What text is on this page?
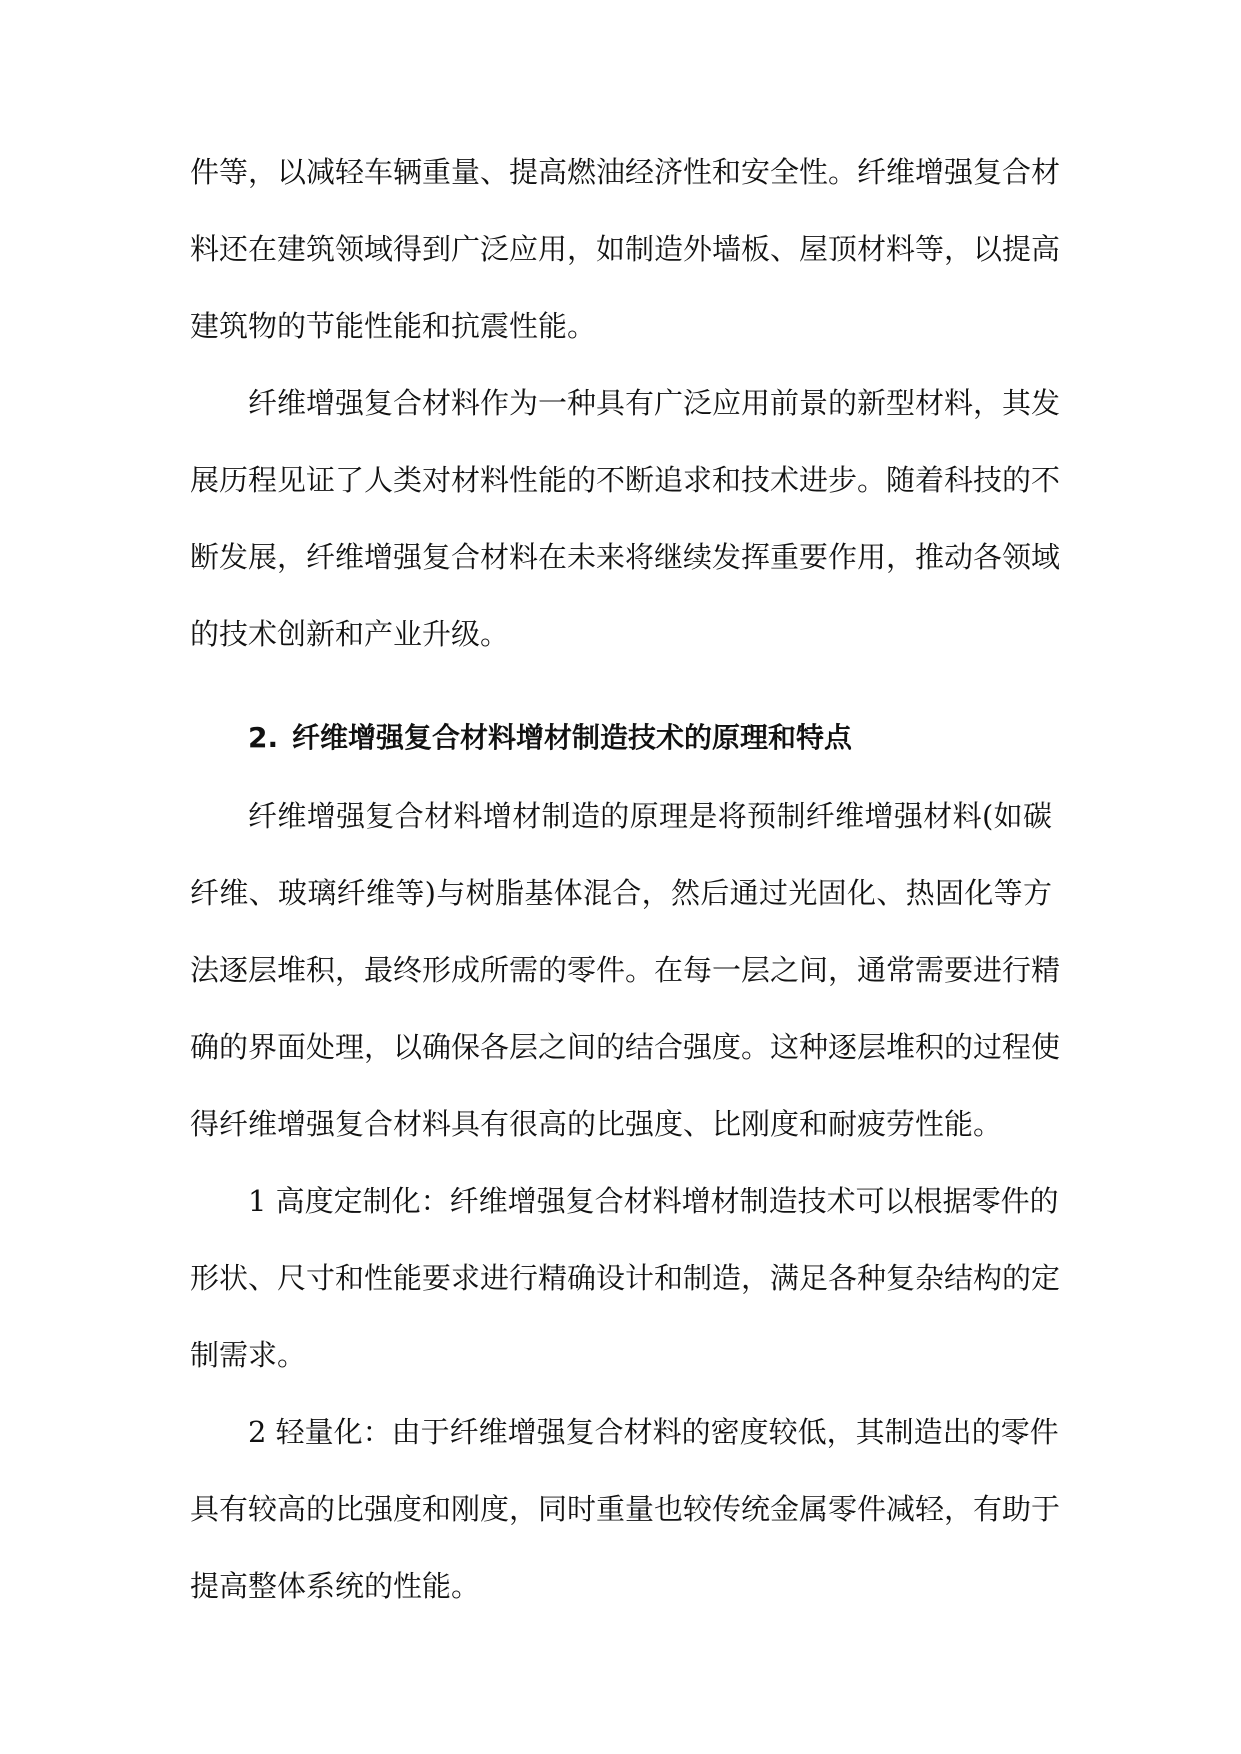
件等，以减轻车辆重量、提高燃油经济性和安全性。纤维增强复合材
料还在建筑领域得到广泛应用，如制造外墙板、屋顶材料等，以提高
建筑物的节能性能和抗震性能。
纤维增强复合材料作为一种具有广泛应用前景的新型材料，其发
展历程见证了人类对材料性能的不断追求和技术进步。随着科技的不
断发展，纤维增强复合材料在未来将继续发挥重要作用，推动各领域
的技术创新和产业升级。
2. 纤维增强复合材料增材制造技术的原理和特点
纤维增强复合材料增材制造的原理是将预制纤维增强材料(如碳
纤维、玻璃纤维等)与树脂基体混合，然后通过光固化、热固化等方
法逐层堆积，最终形成所需的零件。在每一层之间，通常需要进行精
确的界面处理，以确保各层之间的结合强度。这种逐层堆积的过程使
得纤维增强复合材料具有很高的比强度、比刚度和耐疲劳性能。
1 高度定制化：纤维增强复合材料增材制造技术可以根据零件的
形状、尺寸和性能要求进行精确设计和制造，满足各种复杂结构的定
制需求。
2 轻量化：由于纤维增强复合材料的密度较低，其制造出的零件
具有较高的比强度和刚度，同时重量也较传统金属零件减轻，有助于
提高整体系统的性能。
